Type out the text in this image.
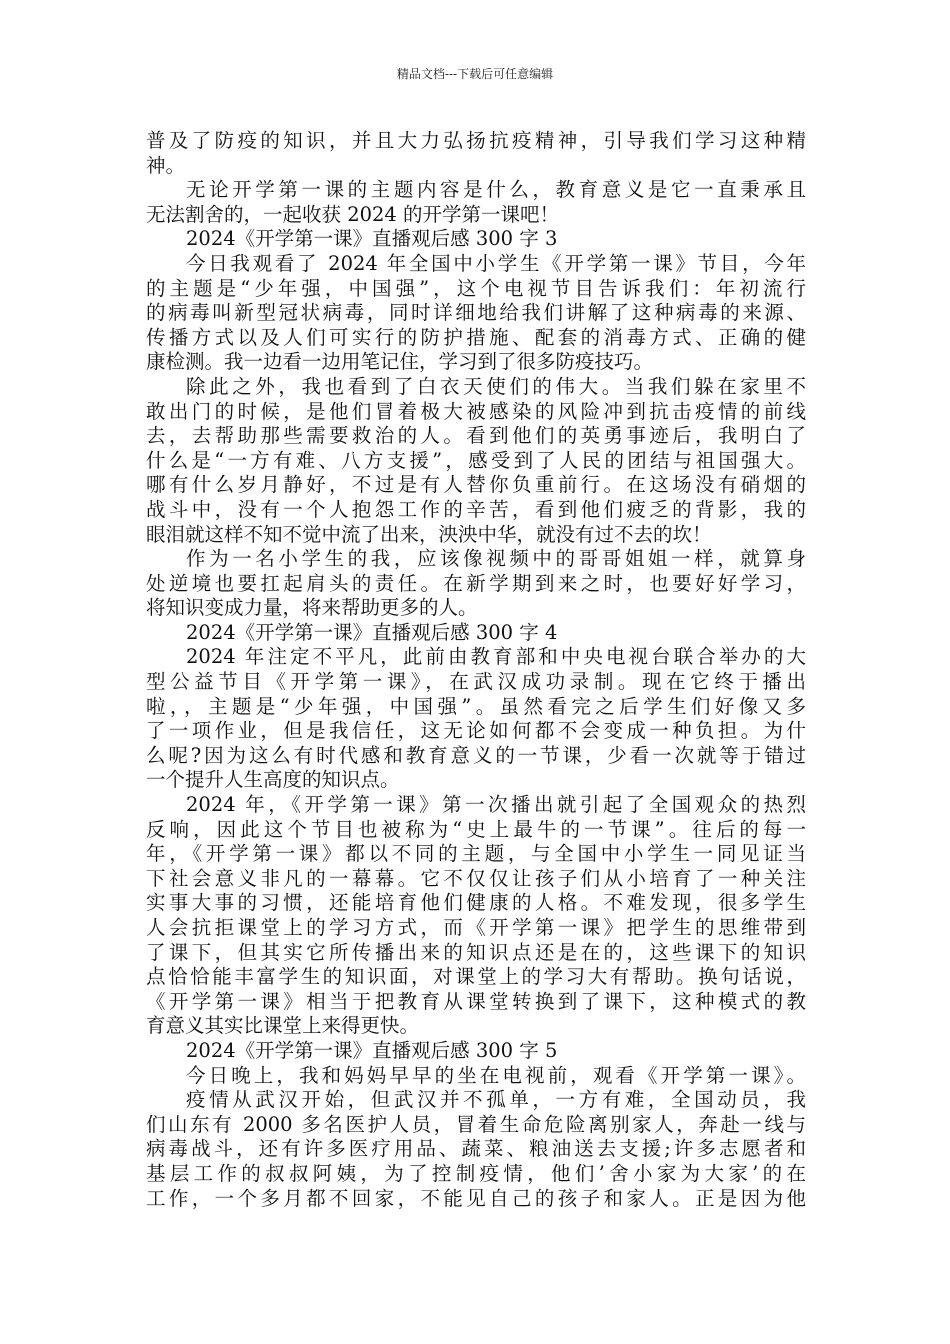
精品文档---下载后可任意编辑
普及了防疫的知识，并且大力弘扬抗疫精神，引导我们学习这种精
神。
无论开学第一课的主题内容是什么，教育意义是它一直秉承且
无法割舍的，一起收获 2024 的开学第一课吧！
2024《开学第一课》直播观后感 300 字 3
今日我观看了 2024 年全国中小学生《开学第一课》节目，今年
的主题是“少年强，中国强”，这个电视节目告诉我们：年初流行
的病毒叫新型冠状病毒，同时详细地给我们讲解了这种病毒的来源、
传播方式以及人们可实行的防护措施、配套的消毒方式、正确的健
康检测。我一边看一边用笔记住，学习到了很多防疫技巧。
除此之外，我也看到了白衣天使们的伟大。当我们躲在家里不
敢出门的时候，是他们冒着极大被感染的风险冲到抗击疫情的前线
去，去帮助那些需要救治的人。看到他们的英勇事迹后，我明白了
什么是“一方有难、八方支援”，感受到了人民的团结与祖国强大。
哪有什么岁月静好，不过是有人替你负重前行。在这场没有硝烟的
战斗中，没有一个人抱怨工作的辛苦，看到他们疲乏的背影，我的
眼泪就这样不知不觉中流了出来，泱泱中华，就没有过不去的坎！
作为一名小学生的我，应该像视频中的哥哥姐姐一样，就算身
处逆境也要扛起肩头的责任。在新学期到来之时，也要好好学习，
将知识变成力量，将来帮助更多的人。
2024《开学第一课》直播观后感 300 字 4
2024 年注定不平凡，此前由教育部和中央电视台联合举办的大
型公益节目《开学第一课》，在武汉成功录制。现在它终于播出
啦，，主题是“少年强，中国强”。虽然看完之后学生们好像又多
了一项作业，但是我信任，这无论如何都不会变成一种负担。为什
么呢?因为这么有时代感和教育意义的一节课，少看一次就等于错过
一个提升人生高度的知识点。
2024 年，《开学第一课》第一次播出就引起了全国观众的热烈
反响，因此这个节目也被称为“史上最牛的一节课”。往后的每一
年，《开学第一课》都以不同的主题，与全国中小学生一同见证当
下社会意义非凡的一幕幕。它不仅仅让孩子们从小培育了一种关注
实事大事的习惯，还能培育他们健康的人格。不难发现，很多学生
人会抗拒课堂上的学习方式，而《开学第一课》把学生的思维带到
了课下，但其实它所传播出来的知识点还是在的，这些课下的知识
点恰恰能丰富学生的知识面，对课堂上的学习大有帮助。换句话说，
《开学第一课》相当于把教育从课堂转换到了课下，这种模式的教
育意义其实比课堂上来得更快。
2024《开学第一课》直播观后感 300 字 5
今日晚上，我和妈妈早早的坐在电视前，观看《开学第一课》。
疫情从武汉开始，但武汉并不孤单，一方有难，全国动员，我
们山东有 2000 多名医护人员，冒着生命危险离别家人，奔赴一线与
病毒战斗，还有许多医疗用品、蔬菜、粮油送去支援;许多志愿者和
基层工作的叔叔阿姨，为了控制疫情，他们’舍小家为大家’的在
工作，一个多月都不回家，不能见自己的孩子和家人。正是因为他
